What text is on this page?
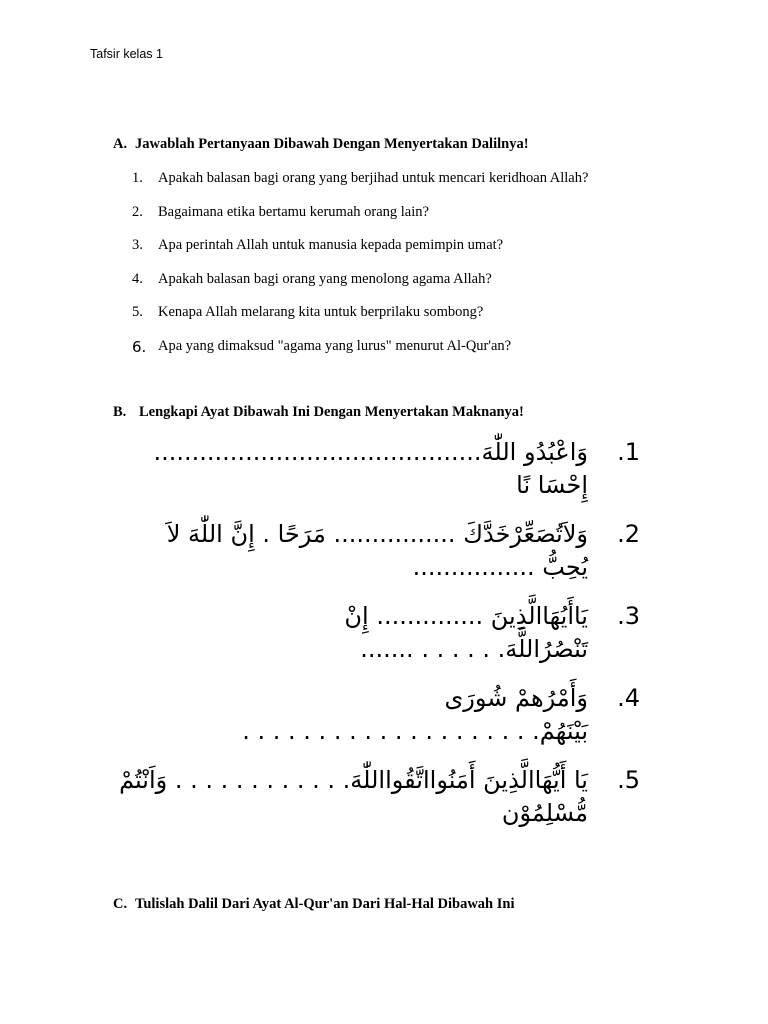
Tafsir kelas 1
A. Jawablah Pertanyaan Dibawah Dengan Menyertakan Dalilnya!
1.	Apakah balasan bagi orang yang berjihad untuk mencari keridhoan Allah?
2.	Bagaimana etika bertamu kerumah orang lain?
3.	Apa perintah Allah untuk manusia kepada pemimpin umat?
4.	Apakah balasan bagi orang yang menolong agama Allah?
5.	Kenapa Allah melarang kita untuk berprilaku sombong?
6. Apa yang dimaksud "agama yang lurus" menurut Al-Qur'an?
B. Lengkapi Ayat Dibawah Ini Dengan Menyertakan Maknanya!
.1
وَاعْبُدُو اللّٰهَ...........................................
إِحْسَا نًا
.2
وَلاَتُصَعِّرْخَدَّكَ ................ مَرَحًا . إِنَّ اللّٰهَ لاَ
يُحِبُّ ................
.3
يَاأَيُهَاالَّذِينَ .............. إِنْ
تَنْصُرُاللَّهَ. . . . . . .......
.4
وَأَمْرُهمْ شُورَى
بَيْنَهُمْ. . . . . . . . . . . . . . . . . . . .
.5
يَا أَيُّهَاالَّذِينَ أَمَنُوااتَّقُوااللّٰهَ. . . . . . . . . . . . وَاَنْتُمْ
مُّسْلِمُوْن
C. Tulislah Dalil Dari Ayat Al-Qur'an Dari Hal-Hal Dibawah Ini
